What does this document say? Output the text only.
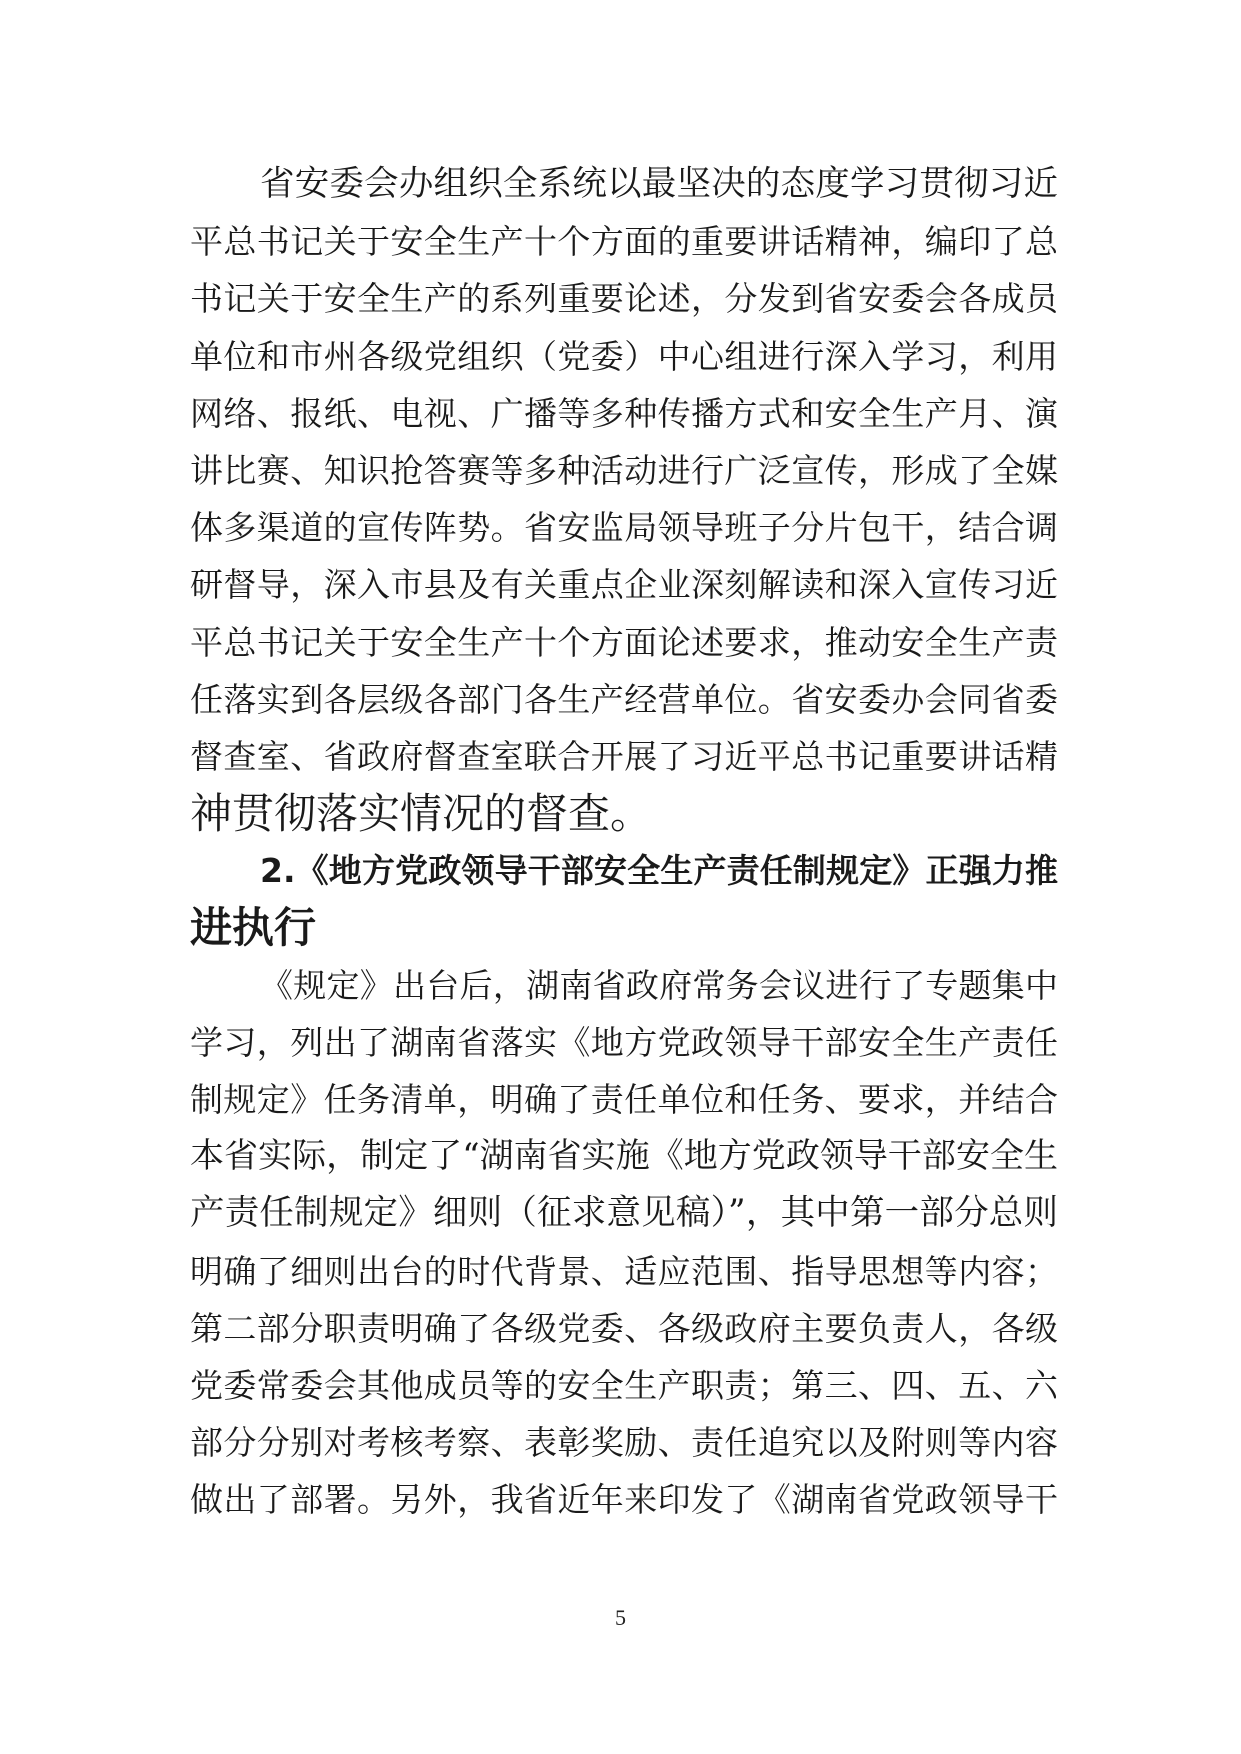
省安委会办组织全系统以最坚决的态度学习贯彻习近
平总书记关于安全生产十个方面的重要讲话精神，编印了总
书记关于安全生产的系列重要论述，分发到省安委会各成员
单位和市州各级党组织（党委）中心组进行深入学习，利用
网络、报纸、电视、广播等多种传播方式和安全生产月、演
讲比赛、知识抢答赛等多种活动进行广泛宣传，形成了全媒
体多渠道的宣传阵势。省安监局领导班子分片包干，结合调
研督导，深入市县及有关重点企业深刻解读和深入宣传习近
平总书记关于安全生产十个方面论述要求，推动安全生产责
任落实到各层级各部门各生产经营单位。省安委办会同省委
督查室、省政府督查室联合开展了习近平总书记重要讲话精
神贯彻落实情况的督查。
2.《地方党政领导干部安全生产责任制规定》正强力推
进执行
《规定》出台后，湖南省政府常务会议进行了专题集中
学习，列出了湖南省落实《地方党政领导干部安全生产责任
制规定》任务清单，明确了责任单位和任务、要求，并结合
本省实际，制定了“湖南省实施《地方党政领导干部安全生
产责任制规定》细则（征求意见稿）”，其中第一部分总则
明确了细则出台的时代背景、适应范围、指导思想等内容；
第二部分职责明确了各级党委、各级政府主要负责人，各级
党委常委会其他成员等的安全生产职责；第三、四、五、六
部分分别对考核考察、表彰奖励、责任追究以及附则等内容
做出了部署。另外，我省近年来印发了《湖南省党政领导干
5
